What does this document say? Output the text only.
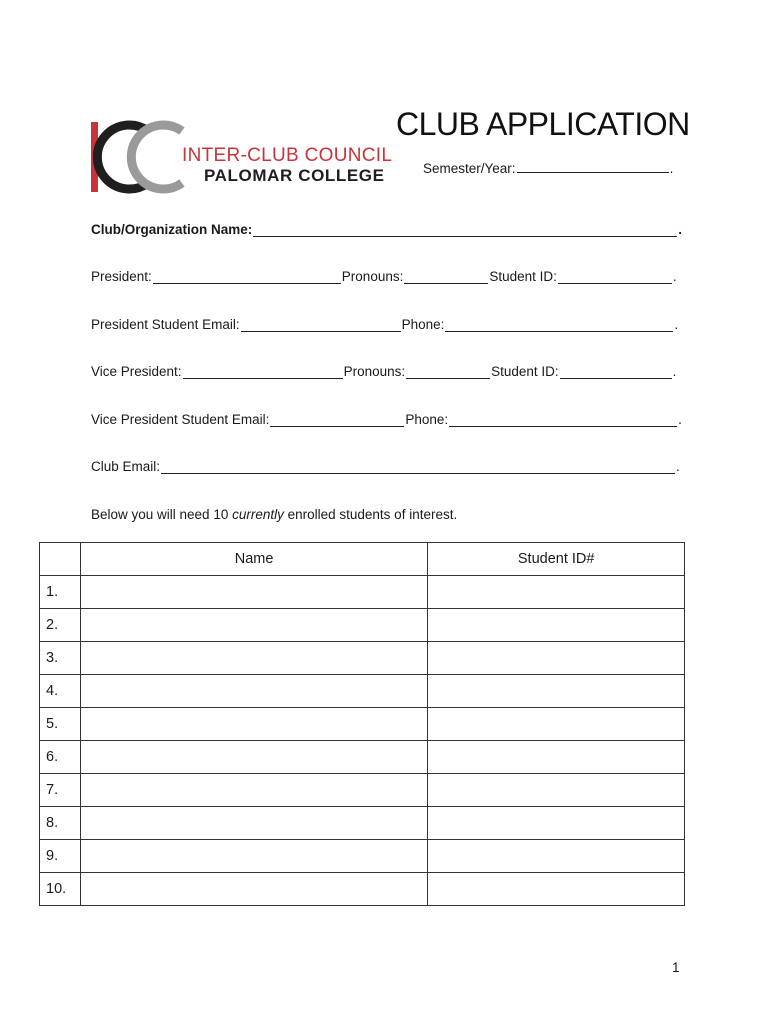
INTER-CLUB COUNCIL
PALOMAR COLLEGE
CLUB APPLICATION
Semester/Year:	.
Club/Organization Name:	.
President:	Pronouns:	Student ID:	.
President Student Email:	Phone:	.
Vice President:	Pronouns:	Student ID:	.
Vice President Student Email:	Phone:	.
Club Email:	.
Below you will need 10 currently enrolled students of interest.
	Name	Student ID#
1.		
2.		
3.		
4.		
5.		
6.		
7.		
8.		
9.		
10.		
1
